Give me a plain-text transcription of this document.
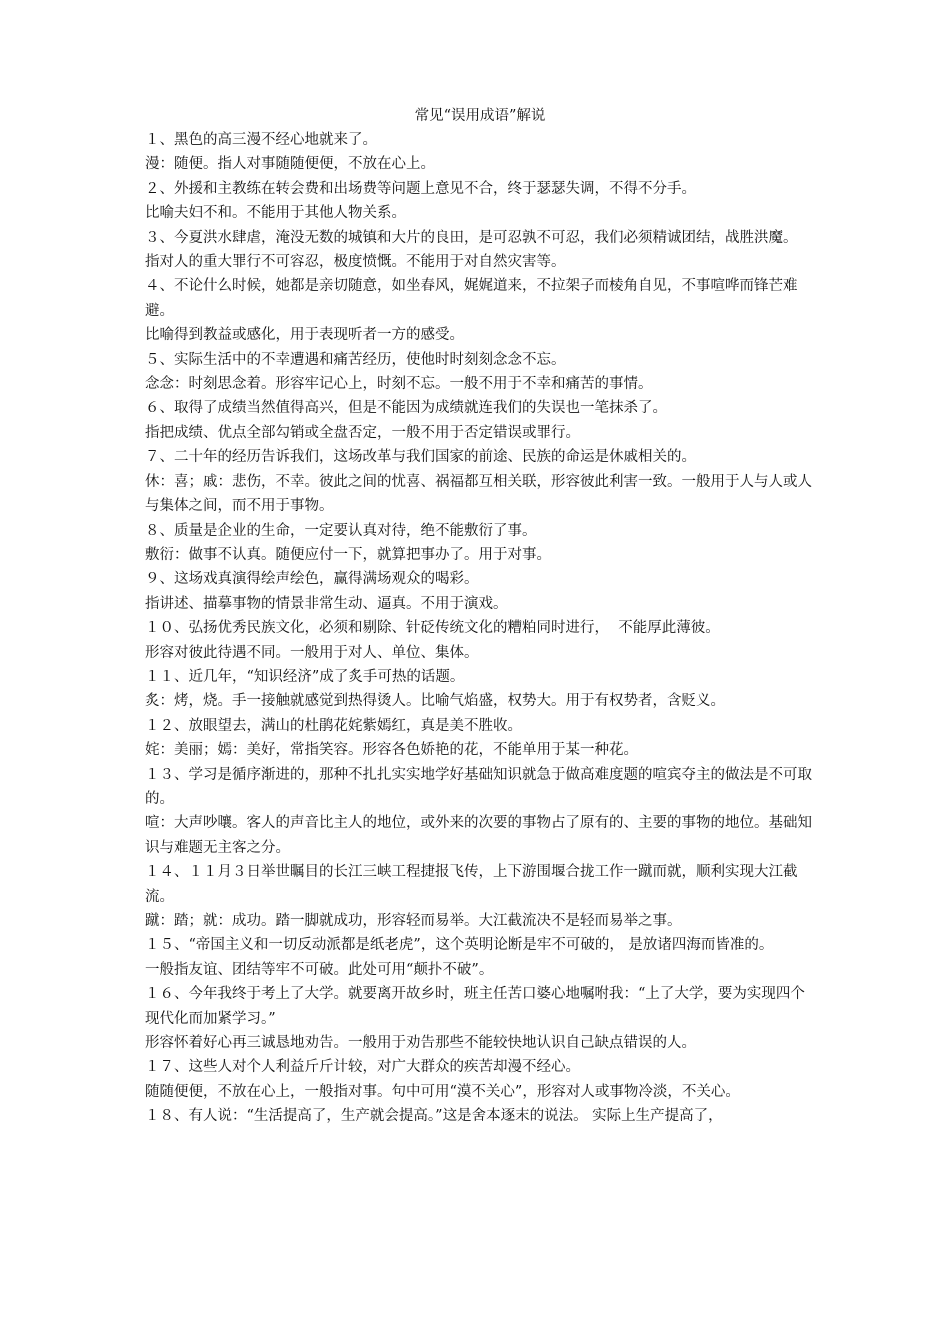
常见“误用成语”解说
１、黑色的高三漫不经心地就来了。
漫：随便。指人对事随随便便，不放在心上。
２、外援和主教练在转会费和出场费等问题上意见不合，终于瑟瑟失调，不得不分手。
比喻夫妇不和。不能用于其他人物关系。
３、今夏洪水肆虐，淹没无数的城镇和大片的良田，是可忍孰不可忍，我们必须精诚团结，战胜洪魔。
指对人的重大罪行不可容忍，极度愤慨。不能用于对自然灾害等。
４、不论什么时候，她都是亲切随意，如坐春风，娓娓道来，不拉架子而棱角自见，不事喧哗而锋芒难避。
比喻得到教益或感化，用于表现听者一方的感受。
５、实际生活中的不幸遭遇和痛苦经历，使他时时刻刻念念不忘。
念念：时刻思念着。形容牢记心上，时刻不忘。一般不用于不幸和痛苦的事情。
６、取得了成绩当然值得高兴，但是不能因为成绩就连我们的失误也一笔抹杀了。
指把成绩、优点全部勾销或全盘否定，一般不用于否定错误或罪行。
７、二十年的经历告诉我们，这场改革与我们国家的前途、民族的命运是休戚相关的。
休：喜；戚：悲伤，不幸。彼此之间的忧喜、祸福都互相关联，形容彼此利害一致。一般用于人与人或人与集体之间，而不用于事物。
８、质量是企业的生命，一定要认真对待，绝不能敷衍了事。
敷衍：做事不认真。随便应付一下，就算把事办了。用于对事。
９、这场戏真演得绘声绘色，赢得满场观众的喝彩。
指讲述、描摹事物的情景非常生动、逼真。不用于演戏。
１０、弘扬优秀民族文化，必须和剔除、针砭传统文化的糟粕同时进行，  不能厚此薄彼。
形容对彼此待遇不同。一般用于对人、单位、集体。
１１、近几年，“知识经济”成了炙手可热的话题。
炙：烤，烧。手一接触就感觉到热得烫人。比喻气焰盛，权势大。用于有权势者，含贬义。
１２、放眼望去，满山的杜鹃花姹紫嫣红，真是美不胜收。
姹：美丽；嫣：美好，常指笑容。形容各色娇艳的花，不能单用于某一种花。
１３、学习是循序渐进的，那种不扎扎实实地学好基础知识就急于做高难度题的喧宾夺主的做法是不可取的。
喧：大声吵嚷。客人的声音比主人的地位，或外来的次要的事物占了原有的、主要的事物的地位。基础知识与难题无主客之分。
１４、１１月３日举世瞩目的长江三峡工程捷报飞传，上下游围堰合拢工作一蹴而就，顺利实现大江截流。
蹴：踏；就：成功。踏一脚就成功，形容轻而易举。大江截流决不是轻而易举之事。
１５、“帝国主义和一切反动派都是纸老虎”，这个英明论断是牢不可破的， 是放诸四海而皆准的。
一般指友谊、团结等牢不可破。此处可用“颠扑不破”。
１６、今年我终于考上了大学。就要离开故乡时，班主任苦口婆心地嘱咐我：“上了大学，要为实现四个现代化而加紧学习。”
形容怀着好心再三诚恳地劝告。一般用于劝告那些不能较快地认识自己缺点错误的人。
１７、这些人对个人利益斤斤计较，对广大群众的疾苦却漫不经心。
随随便便，不放在心上，一般指对事。句中可用“漠不关心”，形容对人或事物冷淡，不关心。
１８、有人说：“生活提高了，生产就会提高。”这是舍本逐末的说法。 实际上生产提高了，
